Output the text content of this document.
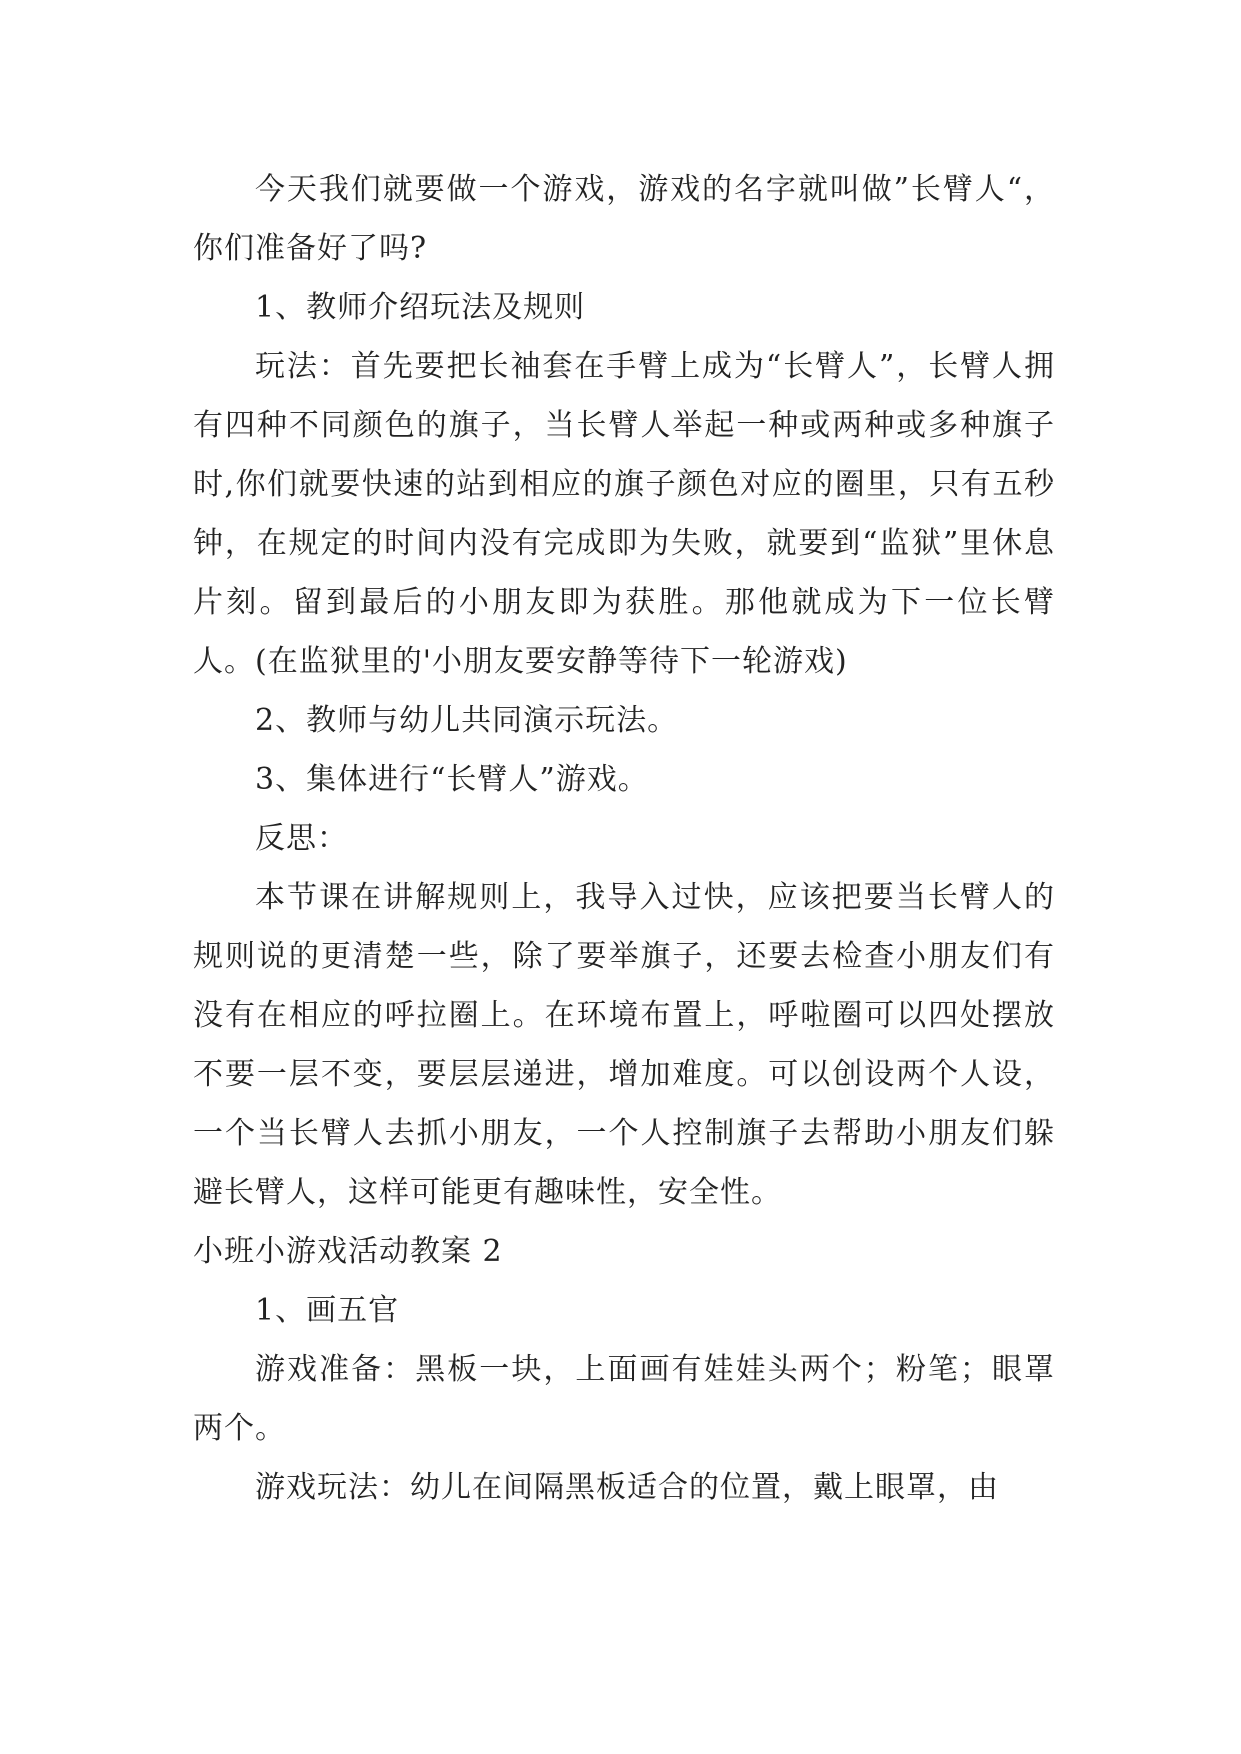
今天我们就要做一个游戏，游戏的名字就叫做”长臂人“，你们准备好了吗?

1、教师介绍玩法及规则

玩法：首先要把长袖套在手臂上成为“长臂人”，长臂人拥有四种不同颜色的旗子，当长臂人举起一种或两种或多种旗子时,你们就要快速的站到相应的旗子颜色对应的圈里，只有五秒钟，在规定的时间内没有完成即为失败，就要到“监狱”里休息片刻。留到最后的小朋友即为获胜。那他就成为下一位长臂人。(在监狱里的'小朋友要安静等待下一轮游戏)

2、教师与幼儿共同演示玩法。

3、集体进行“长臂人”游戏。

反思：

本节课在讲解规则上，我导入过快，应该把要当长臂人的规则说的更清楚一些，除了要举旗子，还要去检查小朋友们有没有在相应的呼拉圈上。在环境布置上，呼啦圈可以四处摆放不要一层不变，要层层递进，增加难度。可以创设两个人设，一个当长臂人去抓小朋友，一个人控制旗子去帮助小朋友们躲避长臂人，这样可能更有趣味性，安全性。

小班小游戏活动教案 2

1、画五官

游戏准备：黑板一块，上面画有娃娃头两个；粉笔；眼罩两个。

游戏玩法：幼儿在间隔黑板适合的位置，戴上眼罩，由
